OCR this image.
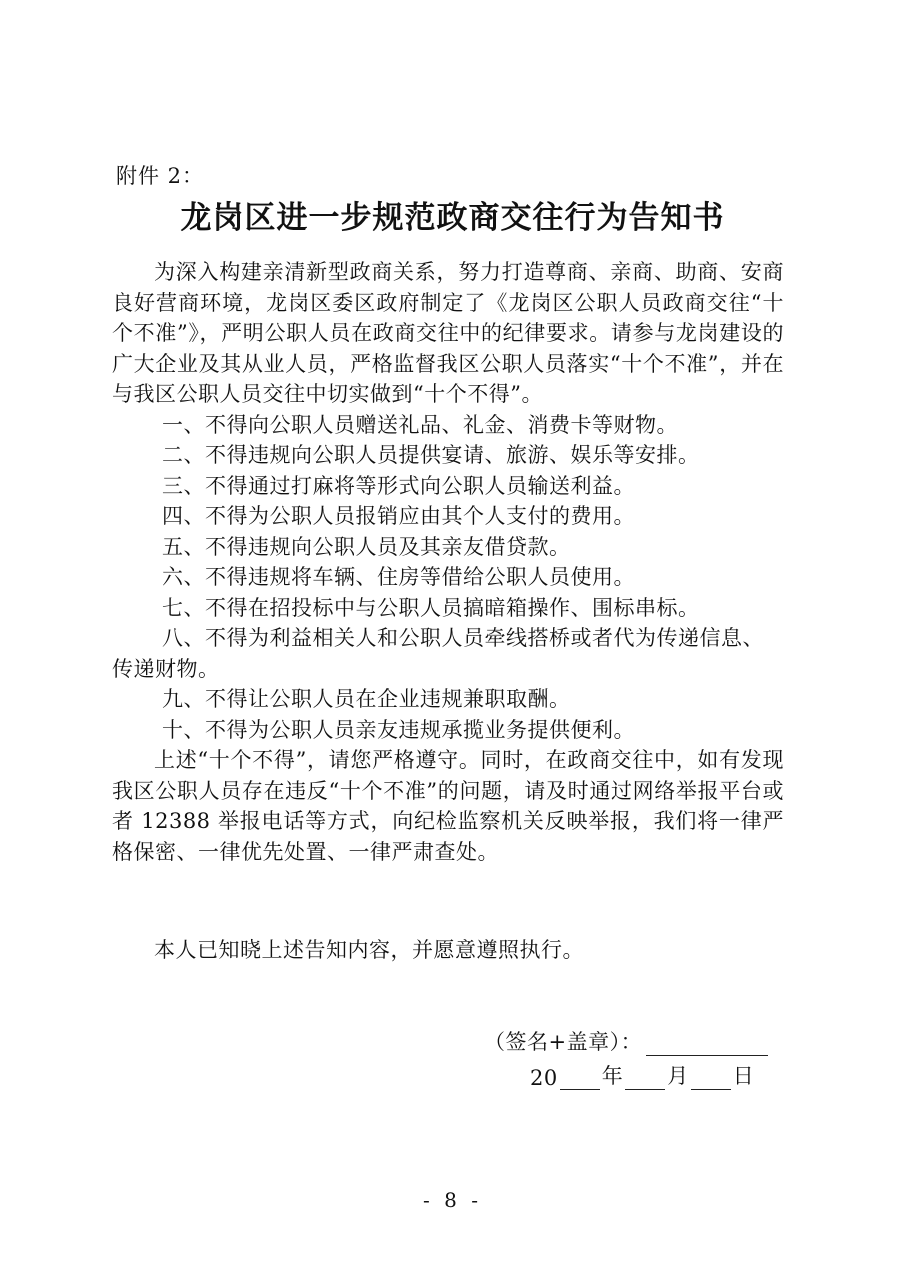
附件 2：
龙岗区进一步规范政商交往行为告知书

为深入构建亲清新型政商关系，努力打造尊商、亲商、助商、安商良好营商环境，龙岗区委区政府制定了《龙岗区公职人员政商交往“十个不准”》，严明公职人员在政商交往中的纪律要求。请参与龙岗建设的广大企业及其从业人员，严格监督我区公职人员落实“十个不准”，并在与我区公职人员交往中切实做到“十个不得”。

一、不得向公职人员赠送礼品、礼金、消费卡等财物。

二、不得违规向公职人员提供宴请、旅游、娱乐等安排。

三、不得通过打麻将等形式向公职人员输送利益。

四、不得为公职人员报销应由其个人支付的费用。

五、不得违规向公职人员及其亲友借贷款。

六、不得违规将车辆、住房等借给公职人员使用。

七、不得在招投标中与公职人员搞暗箱操作、围标串标。

八、不得为利益相关人和公职人员牵线搭桥或者代为传递信息、传递财物。

九、不得让公职人员在企业违规兼职取酬。

十、不得为公职人员亲友违规承揽业务提供便利。

上述“十个不得”，请您严格遵守。同时，在政商交往中，如有发现我区公职人员存在违反“十个不准”的问题，请及时通过网络举报平台或者 12388 举报电话等方式，向纪检监察机关反映举报，我们将一律严格保密、一律优先处置、一律严肃查处。

本人已知晓上述告知内容，并愿意遵照执行。
（签名+盖章）：
20 年 月 日
- 8 -
